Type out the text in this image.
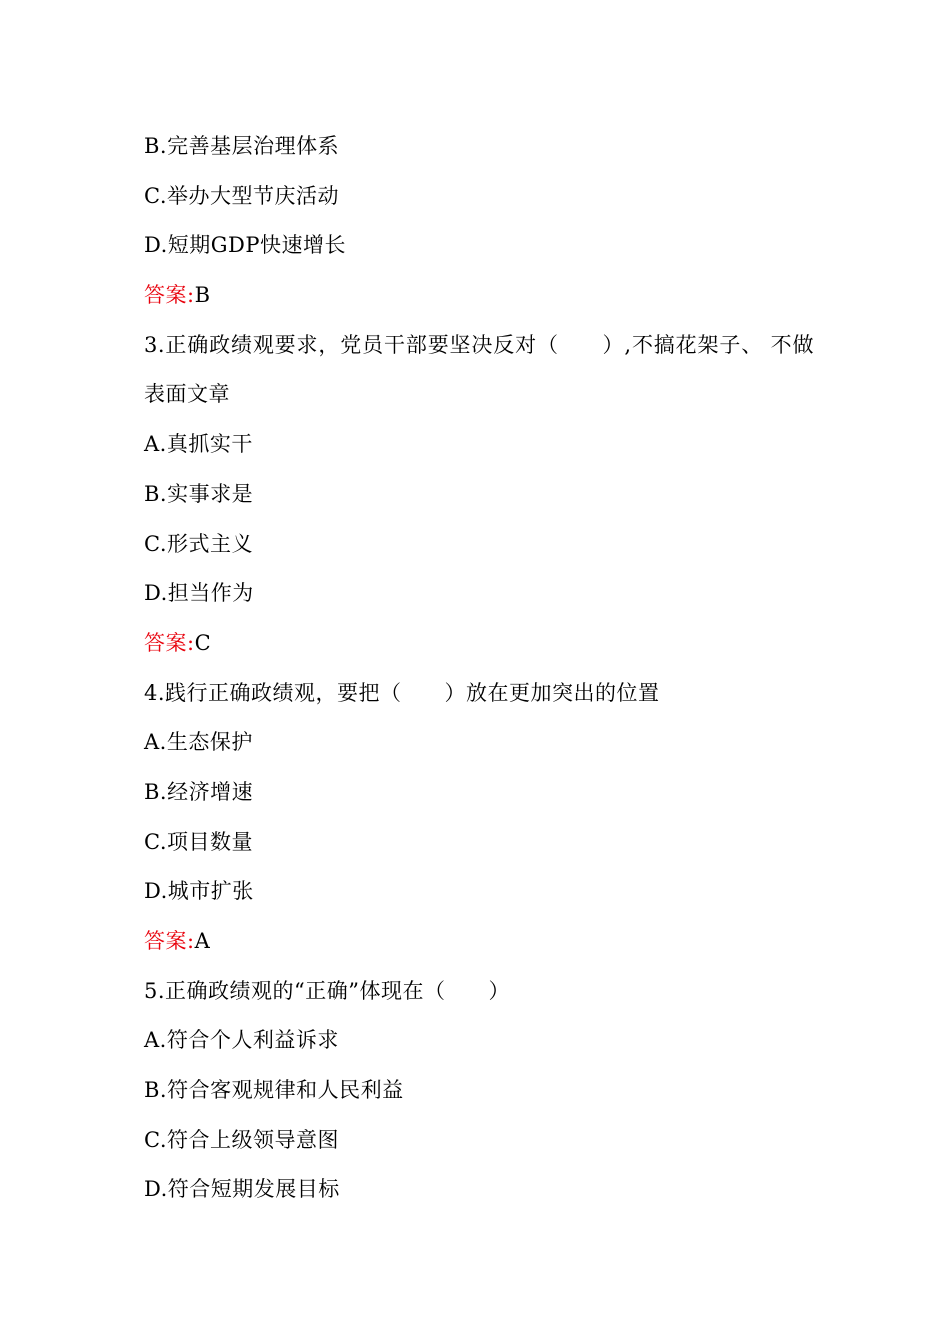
B.完善基层治理体系
C.举办大型节庆活动
D.短期GDP快速增长
答案:B
3.正确政绩观要求，党员干部要坚决反对（　　）,不搞花架子、 不做表面文章
A.真抓实干
B.实事求是
C.形式主义
D.担当作为
答案:C
4.践行正确政绩观，要把（　　）放在更加突出的位置
A.生态保护
B.经济增速
C.项目数量
D.城市扩张
答案:A
5.正确政绩观的“正确”体现在（　　）
A.符合个人利益诉求
B.符合客观规律和人民利益
C.符合上级领导意图
D.符合短期发展目标
